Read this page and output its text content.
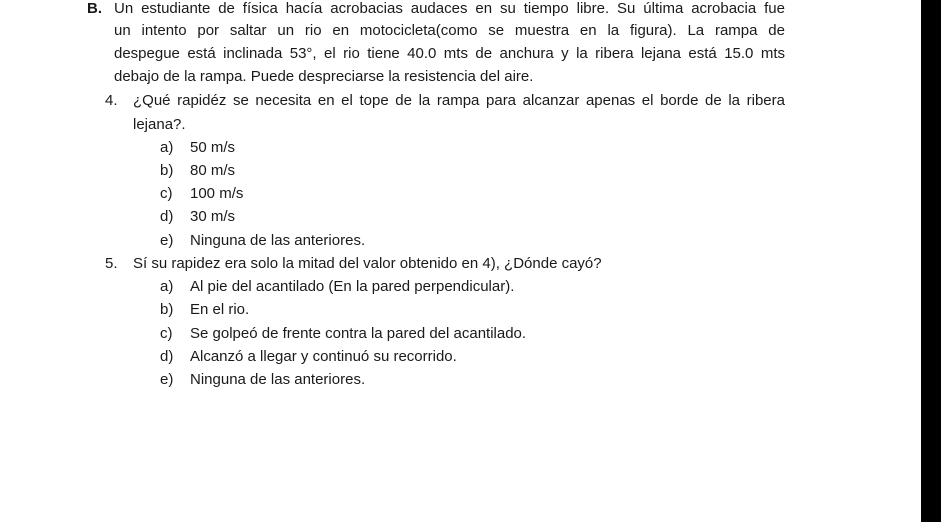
B. Un estudiante de física hacía acrobacias audaces en su tiempo libre. Su última acrobacia fue
un intento por saltar un rio en motocicleta(como se muestra en la figura). La rampa de
despegue está inclinada 53°, el rio tiene 40.0 mts de anchura y la ribera lejana está 15.0 mts
debajo de la rampa. Puede despreciarse la resistencia del aire.
4. ¿Qué rapidéz se necesita en el tope de la rampa para alcanzar apenas el borde de la ribera
lejana?.
a) 50 m/s
b) 80 m/s
c) 100 m/s
d) 30 m/s
e) Ninguna de las anteriores.
5. Sí su rapidez era solo la mitad del valor obtenido en 4), ¿Dónde cayó?
a) Al pie del acantilado (En la pared perpendicular).
b) En el rio.
c) Se golpeó de frente contra la pared del acantilado.
d) Alcanzó a llegar y continuó su recorrido.
e) Ninguna de las anteriores.
